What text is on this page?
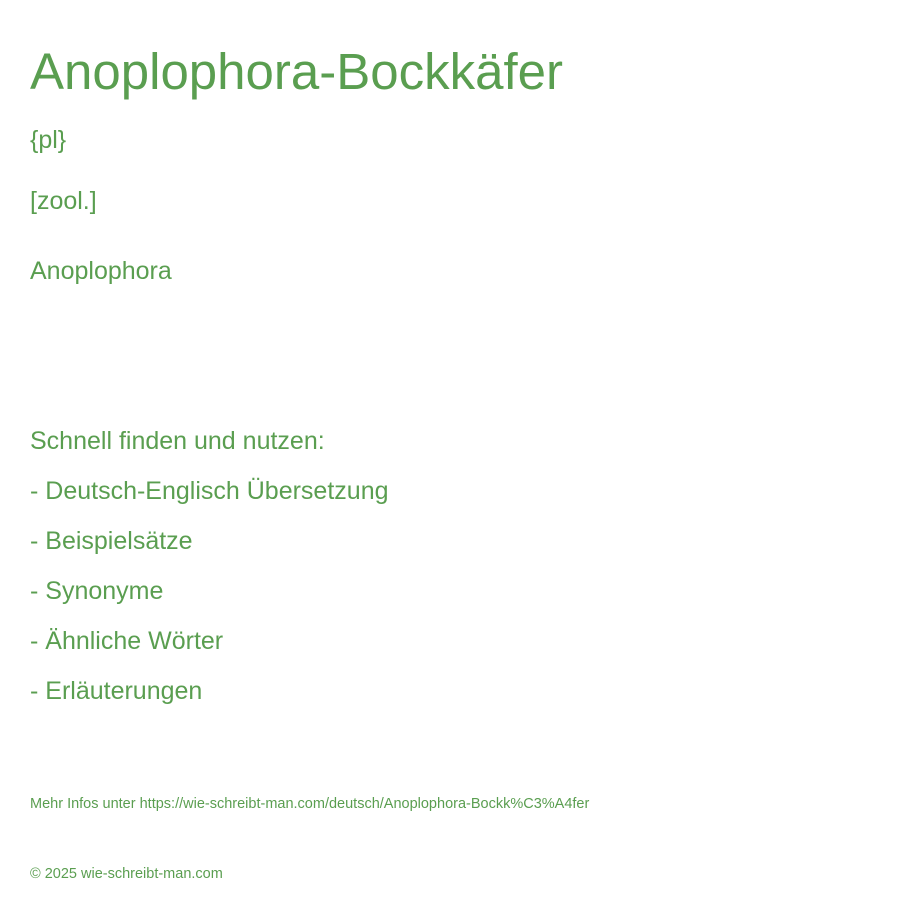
Anoplophora-Bockkäfer
{pl}
[zool.]
Anoplophora
Schnell finden und nutzen:
- Deutsch-Englisch Übersetzung
- Beispielsätze
- Synonyme
- Ähnliche Wörter
- Erläuterungen
Mehr Infos unter https://wie-schreibt-man.com/deutsch/Anoplophora-Bockk%C3%A4fer
© 2025 wie-schreibt-man.com
